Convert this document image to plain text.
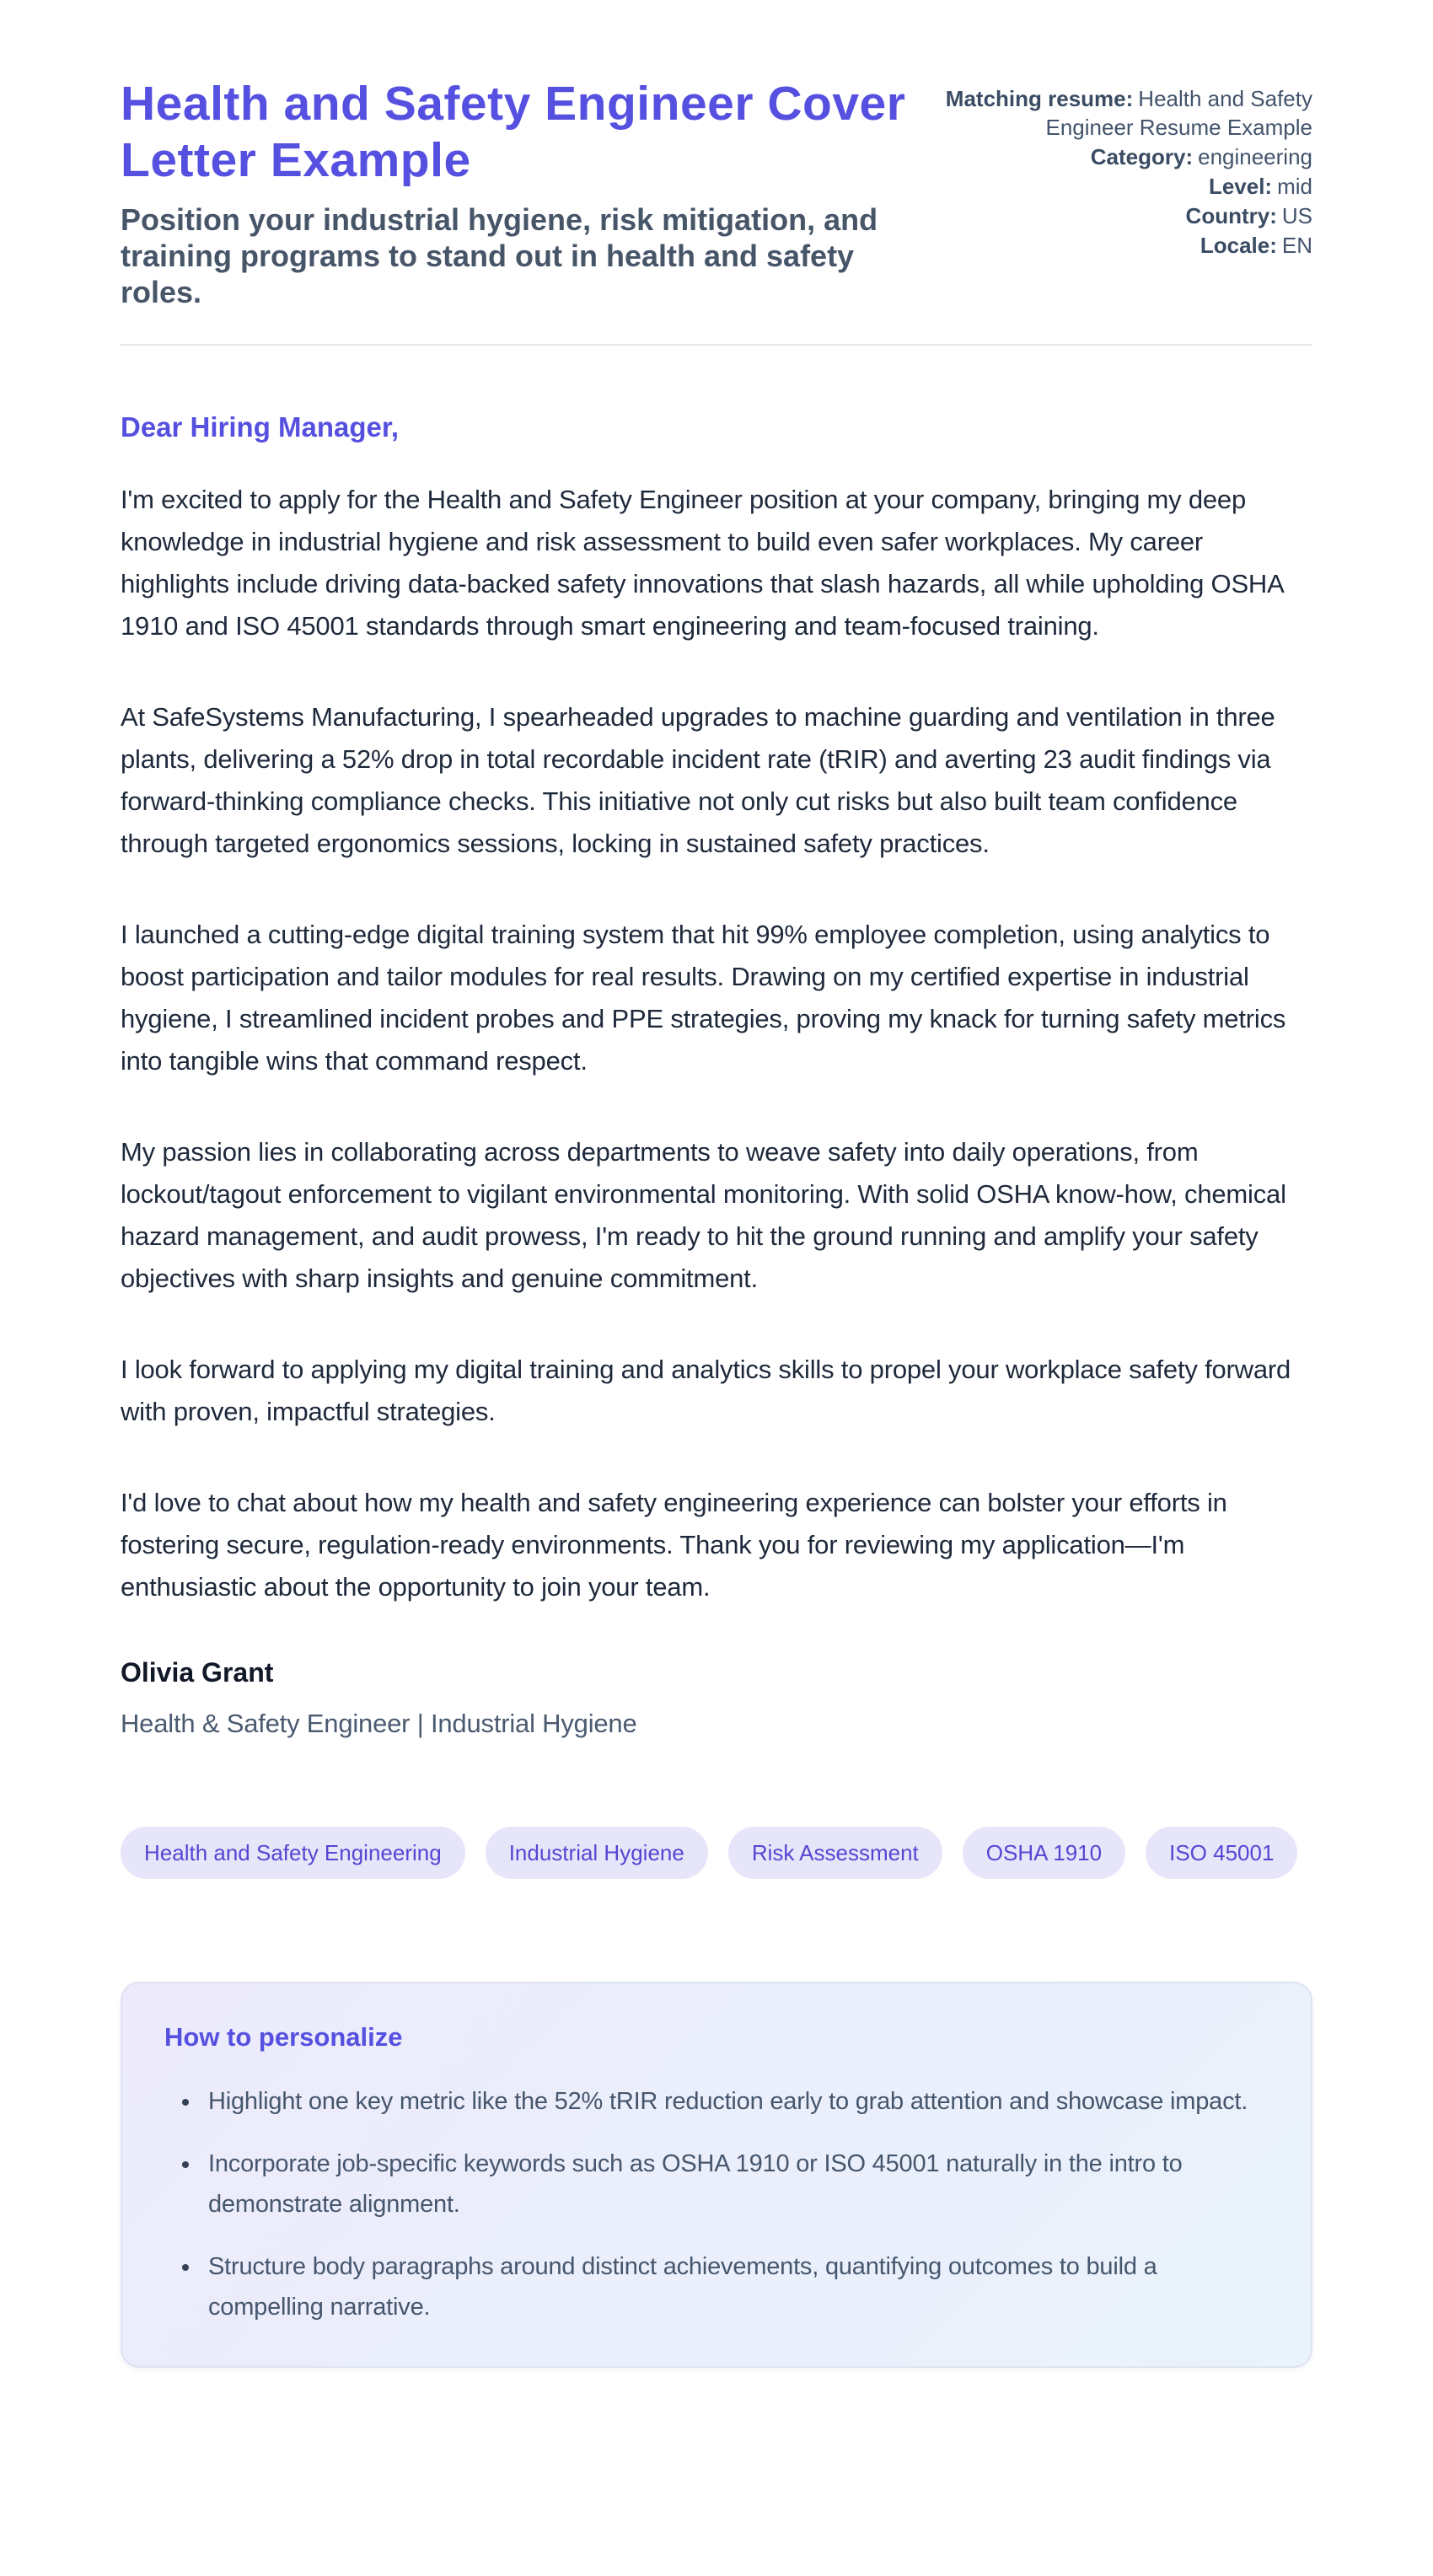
Health and Safety Engineer Cover Letter Example
Position your industrial hygiene, risk mitigation, and training programs to stand out in health and safety roles.
Matching resume: Health and Safety Engineer Resume Example
Category: engineering
Level: mid
Country: US
Locale: EN
Dear Hiring Manager,

I'm excited to apply for the Health and Safety Engineer position at your company, bringing my deep knowledge in industrial hygiene and risk assessment to build even safer workplaces. My career highlights include driving data-backed safety innovations that slash hazards, all while upholding OSHA 1910 and ISO 45001 standards through smart engineering and team-focused training.

At SafeSystems Manufacturing, I spearheaded upgrades to machine guarding and ventilation in three plants, delivering a 52% drop in total recordable incident rate (tRIR) and averting 23 audit findings via forward-thinking compliance checks. This initiative not only cut risks but also built team confidence through targeted ergonomics sessions, locking in sustained safety practices.

I launched a cutting-edge digital training system that hit 99% employee completion, using analytics to boost participation and tailor modules for real results. Drawing on my certified expertise in industrial hygiene, I streamlined incident probes and PPE strategies, proving my knack for turning safety metrics into tangible wins that command respect.

My passion lies in collaborating across departments to weave safety into daily operations, from lockout/tagout enforcement to vigilant environmental monitoring. With solid OSHA know-how, chemical hazard management, and audit prowess, I'm ready to hit the ground running and amplify your safety objectives with sharp insights and genuine commitment.

I look forward to applying my digital training and analytics skills to propel your workplace safety forward with proven, impactful strategies.

I'd love to chat about how my health and safety engineering experience can bolster your efforts in fostering secure, regulation-ready environments. Thank you for reviewing my application—I'm enthusiastic about the opportunity to join your team.

Olivia Grant
Health & Safety Engineer | Industrial Hygiene
Health and Safety Engineering	Industrial Hygiene	Risk Assessment	OSHA 1910	ISO 45001
How to personalize
• Highlight one key metric like the 52% tRIR reduction early to grab attention and showcase impact.
• Incorporate job-specific keywords such as OSHA 1910 or ISO 45001 naturally in the intro to demonstrate alignment.
• Structure body paragraphs around distinct achievements, quantifying outcomes to build a compelling narrative.
